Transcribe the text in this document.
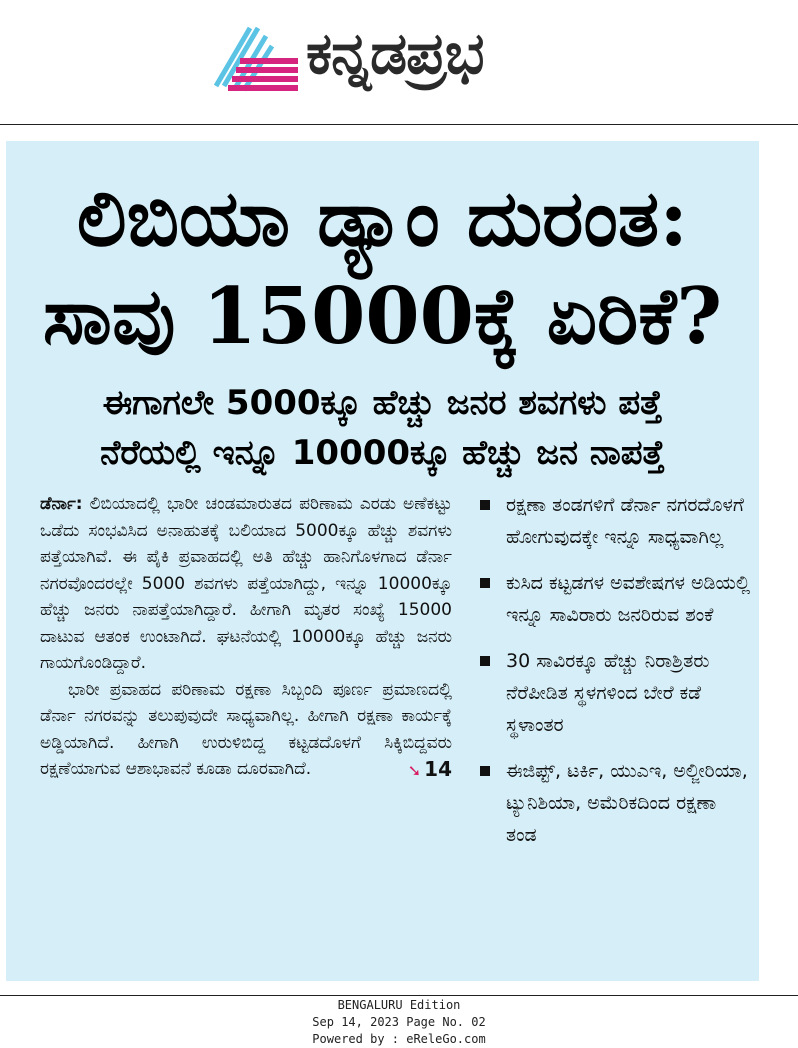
ಕನ್ನಡಪ್ರಭ
ಲಿಬಿಯಾ ಡ್ಯಾಂ ದುರಂತ:
ಸಾವು 15000ಕ್ಕೆ ಏರಿಕೆ?
ಈಗಾಗಲೇ 5000ಕ್ಕೂ ಹೆಚ್ಚು ಜನರ ಶವಗಳು ಪತ್ತೆ
ನೆರೆಯಲ್ಲಿ ಇನ್ನೂ 10000ಕ್ಕೂ ಹೆಚ್ಚು ಜನ ನಾಪತ್ತೆ

ಡೆರ್ನಾ: ಲಿಬಿಯಾದಲ್ಲಿ ಭಾರೀ ಚಂಡಮಾರುತದ ಪರಿಣಾಮ ಎರಡು ಅಣೆಕಟ್ಟು ಒಡೆದು ಸಂಭವಿಸಿದ ಅನಾಹುತಕ್ಕೆ ಬಲಿಯಾದ 5000ಕ್ಕೂ ಹೆಚ್ಚು ಶವಗಳು ಪತ್ತೆಯಾಗಿವೆ. ಈ ಪೈಕಿ ಪ್ರವಾಹದಲ್ಲಿ ಅತಿ ಹೆಚ್ಚು ಹಾನಿಗೊಳಗಾದ ಡೆರ್ನಾ ನಗರವೊಂದರಲ್ಲೇ 5000 ಶವಗಳು ಪತ್ತೆಯಾಗಿದ್ದು, ಇನ್ನೂ 10000ಕ್ಕೂ ಹೆಚ್ಚು ಜನರು ನಾಪತ್ತೆಯಾಗಿದ್ದಾರೆ. ಹೀಗಾಗಿ ಮೃತರ ಸಂಖ್ಯೆ 15000 ದಾಟುವ ಆತಂಕ ಉಂಟಾಗಿದೆ. ಘಟನೆಯಲ್ಲಿ 10000ಕ್ಕೂ ಹೆಚ್ಚು ಜನರು ಗಾಯಗೊಂಡಿದ್ದಾರೆ.

ಭಾರೀ ಪ್ರವಾಹದ ಪರಿಣಾಮ ರಕ್ಷಣಾ ಸಿಬ್ಬಂದಿ ಪೂರ್ಣ ಪ್ರಮಾಣದಲ್ಲಿ ಡೆರ್ನಾ ನಗರವನ್ನು ತಲುಪುವುದೇ ಸಾಧ್ಯವಾಗಿಲ್ಲ. ಹೀಗಾಗಿ ರಕ್ಷಣಾ ಕಾರ್ಯಕ್ಕೆ ಅಡ್ಡಿಯಾಗಿದೆ. ಹೀಗಾಗಿ ಉರುಳಿಬಿದ್ದ ಕಟ್ಟಡದೊಳಗೆ ಸಿಕ್ಕಿಬಿದ್ದವರು ರಕ್ಷಣೆಯಾಗುವ ಆಶಾಭಾವನೆ ಕೂಡಾ ದೂರವಾಗಿದೆ.	➘ 14

ರಕ್ಷಣಾ ತಂಡಗಳಿಗೆ ಡೆರ್ನಾ ನಗರದೊಳಗೆ ಹೋಗುವುದಕ್ಕೇ ಇನ್ನೂ ಸಾಧ್ಯವಾಗಿಲ್ಲ
ಕುಸಿದ ಕಟ್ಟಡಗಳ ಅವಶೇಷಗಳ ಅಡಿಯಲ್ಲಿ ಇನ್ನೂ ಸಾವಿರಾರು ಜನರಿರುವ ಶಂಕೆ
30 ಸಾವಿರಕ್ಕೂ ಹೆಚ್ಚು ನಿರಾಶ್ರಿತರು ನೆರೆಪೀಡಿತ ಸ್ಥಳಗಳಿಂದ ಬೇರೆ ಕಡೆ ಸ್ಥಳಾಂತರ
ಈಜಿಪ್ಟ್, ಟರ್ಕಿ, ಯುಎಇ, ಅಲ್ಜೀರಿಯಾ, ಟ್ಯುನಿಶಿಯಾ, ಅಮೆರಿಕದಿಂದ ರಕ್ಷಣಾ ತಂಡ
BENGALURU Edition
Sep 14, 2023 Page No. 02
Powered by : eReleGo.com
